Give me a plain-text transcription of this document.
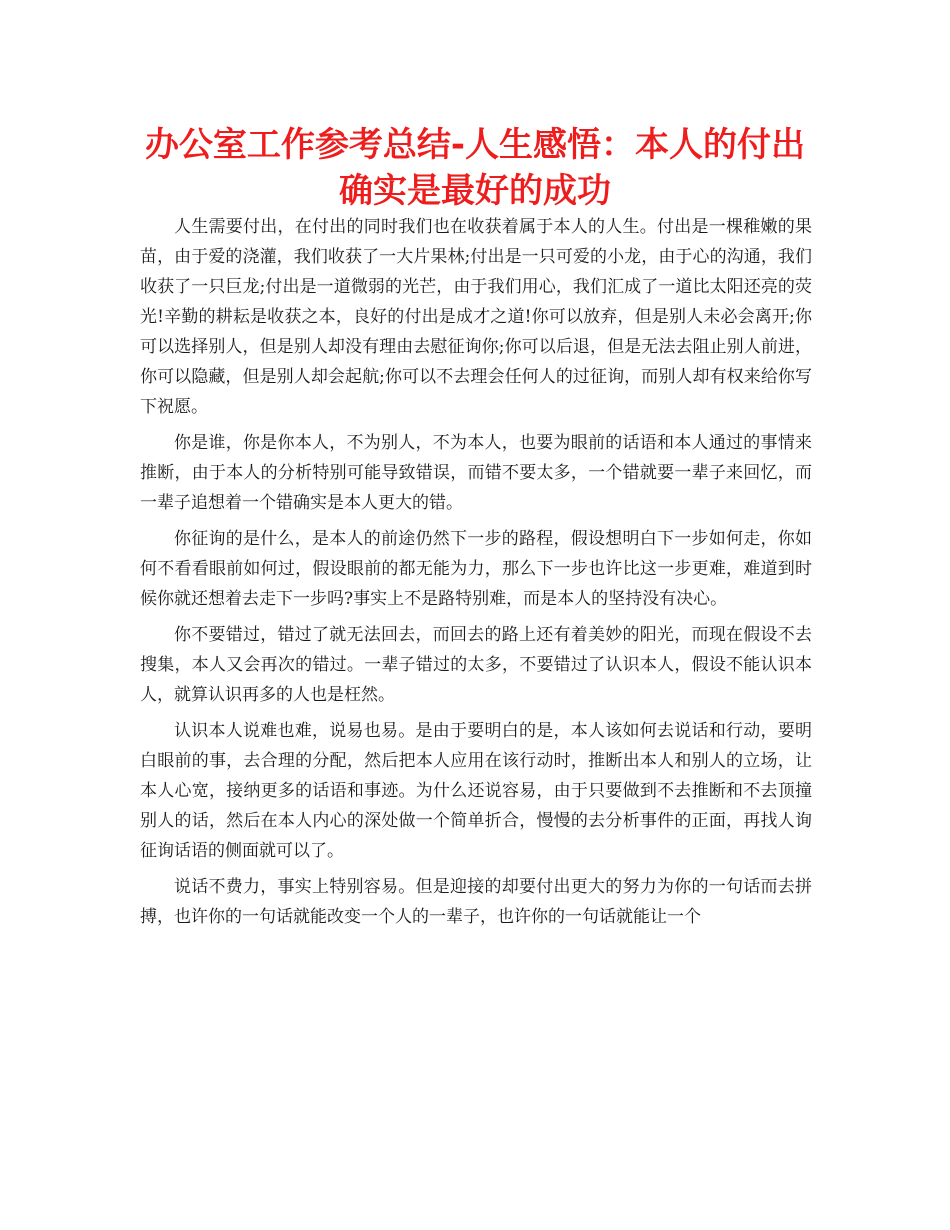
办公室工作参考总结-人生感悟：本人的付出确实是最好的成功

人生需要付出，在付出的同时我们也在收获着属于本人的人生。付出是一棵稚嫩的果苗，由于爱的浇灌，我们收获了一大片果林;付出是一只可爱的小龙，由于心的沟通，我们收获了一只巨龙;付出是一道微弱的光芒，由于我们用心，我们汇成了一道比太阳还亮的荧光!辛勤的耕耘是收获之本，良好的付出是成才之道!你可以放弃，但是别人未必会离开;你可以选择别人，但是别人却没有理由去慰征询你;你可以后退，但是无法去阻止别人前进，你可以隐藏，但是别人却会起航;你可以不去理会任何人的过征询，而别人却有权来给你写下祝愿。

你是谁，你是你本人，不为别人，不为本人，也要为眼前的话语和本人通过的事情来推断，由于本人的分析特别可能导致错误，而错不要太多，一个错就要一辈子来回忆，而一辈子追想着一个错确实是本人更大的错。

你征询的是什么，是本人的前途仍然下一步的路程，假设想明白下一步如何走，你如何不看看眼前如何过，假设眼前的都无能为力，那么下一步也许比这一步更难，难道到时候你就还想着去走下一步吗?事实上不是路特别难，而是本人的坚持没有决心。

你不要错过，错过了就无法回去，而回去的路上还有着美妙的阳光，而现在假设不去搜集，本人又会再次的错过。一辈子错过的太多，不要错过了认识本人，假设不能认识本人，就算认识再多的人也是枉然。

认识本人说难也难，说易也易。是由于要明白的是，本人该如何去说话和行动，要明白眼前的事，去合理的分配，然后把本人应用在该行动时，推断出本人和别人的立场，让本人心宽，接纳更多的话语和事迹。为什么还说容易，由于只要做到不去推断和不去顶撞别人的话，然后在本人内心的深处做一个简单折合，慢慢的去分析事件的正面，再找人询征询话语的侧面就可以了。

说话不费力，事实上特别容易。但是迎接的却要付出更大的努力为你的一句话而去拼搏，也许你的一句话就能改变一个人的一辈子，也许你的一句话就能让一个
